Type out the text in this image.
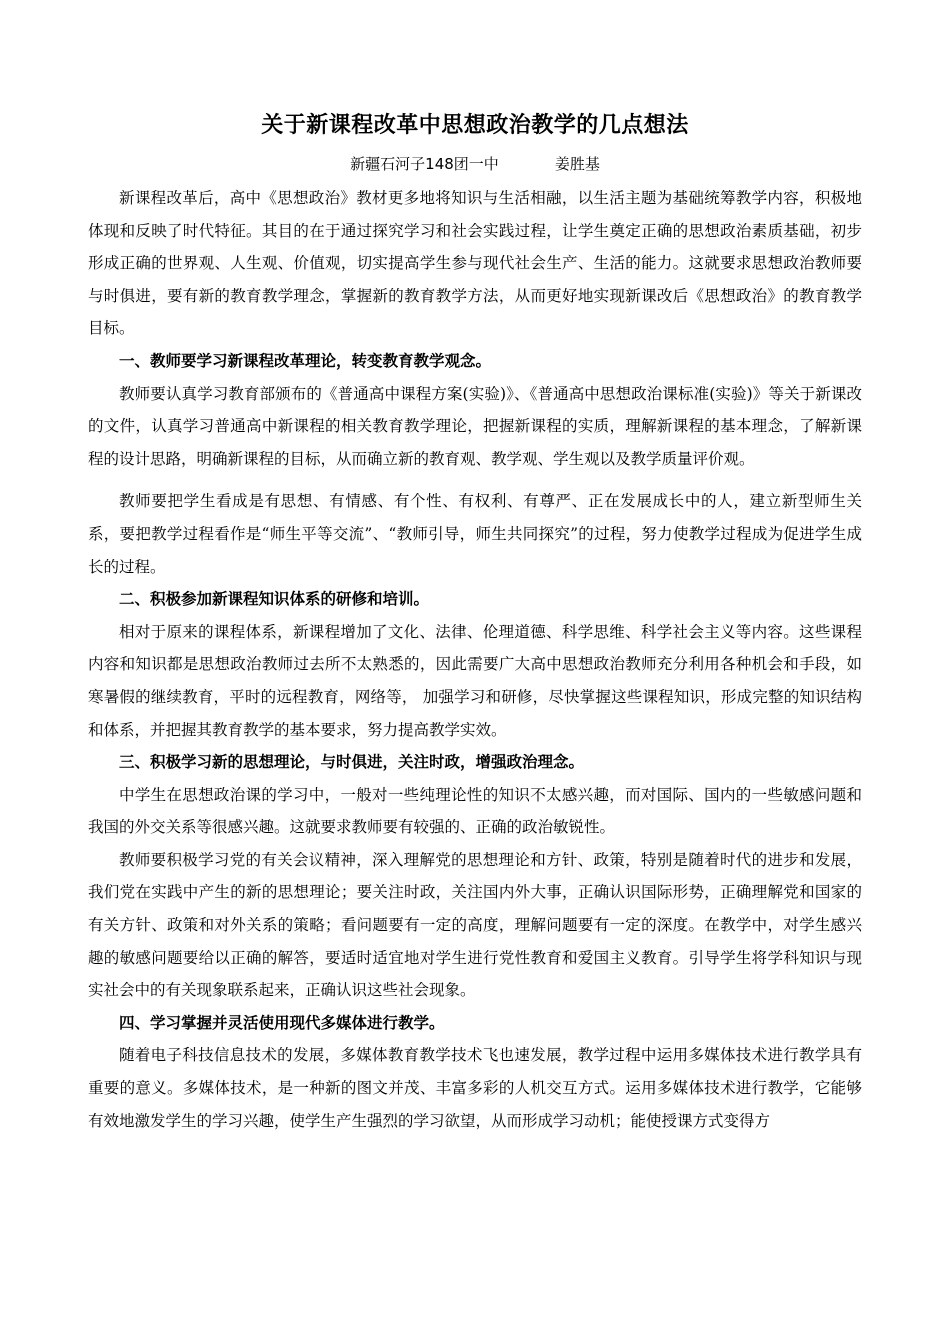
关于新课程改革中思想政治教学的几点想法
新疆石河子148团一中	姜胜基

新课程改革后，高中《思想政治》教材更多地将知识与生活相融，以生活主题为基础统筹教学内容，积极地体现和反映了时代特征。其目的在于通过探究学习和社会实践过程，让学生奠定正确的思想政治素质基础，初步形成正确的世界观、人生观、价值观，切实提高学生参与现代社会生产、生活的能力。这就要求思想政治教师要与时俱进，要有新的教育教学理念，掌握新的教育教学方法，从而更好地实现新课改后《思想政治》的教育教学目标。

一、教师要学习新课程改革理论，转变教育教学观念。

教师要认真学习教育部颁布的《普通高中课程方案(实验)》、《普通高中思想政治课标准(实验)》等关于新课改的文件，认真学习普通高中新课程的相关教育教学理论，把握新课程的实质，理解新课程的基本理念，了解新课程的设计思路，明确新课程的目标，从而确立新的教育观、教学观、学生观以及教学质量评价观。

教师要把学生看成是有思想、有情感、有个性、有权利、有尊严、正在发展成长中的人，建立新型师生关系，要把教学过程看作是“师生平等交流”、“教师引导，师生共同探究”的过程，努力使教学过程成为促进学生成长的过程。

二、积极参加新课程知识体系的研修和培训。

相对于原来的课程体系，新课程增加了文化、法律、伦理道德、科学思维、科学社会主义等内容。这些课程内容和知识都是思想政治教师过去所不太熟悉的，因此需要广大高中思想政治教师充分利用各种机会和手段，如寒暑假的继续教育，平时的远程教育，网络等， 加强学习和研修，尽快掌握这些课程知识，形成完整的知识结构和体系，并把握其教育教学的基本要求，努力提高教学实效。

三、积极学习新的思想理论，与时俱进，关注时政，增强政治理念。

中学生在思想政治课的学习中，一般对一些纯理论性的知识不太感兴趣，而对国际、国内的一些敏感问题和我国的外交关系等很感兴趣。这就要求教师要有较强的、正确的政治敏锐性。

教师要积极学习党的有关会议精神，深入理解党的思想理论和方针、政策，特别是随着时代的进步和发展，我们党在实践中产生的新的思想理论；要关注时政，关注国内外大事，正确认识国际形势，正确理解党和国家的有关方针、政策和对外关系的策略；看问题要有一定的高度，理解问题要有一定的深度。在教学中，对学生感兴趣的敏感问题要给以正确的解答，要适时适宜地对学生进行党性教育和爱国主义教育。引导学生将学科知识与现实社会中的有关现象联系起来，正确认识这些社会现象。

四、学习掌握并灵活使用现代多媒体进行教学。

随着电子科技信息技术的发展，多媒体教育教学技术飞也速发展，教学过程中运用多媒体技术进行教学具有重要的意义。多媒体技术，是一种新的图文并茂、丰富多彩的人机交互方式。运用多媒体技术进行教学，它能够有效地激发学生的学习兴趣，使学生产生强烈的学习欲望，从而形成学习动机；能使授课方式变得方
